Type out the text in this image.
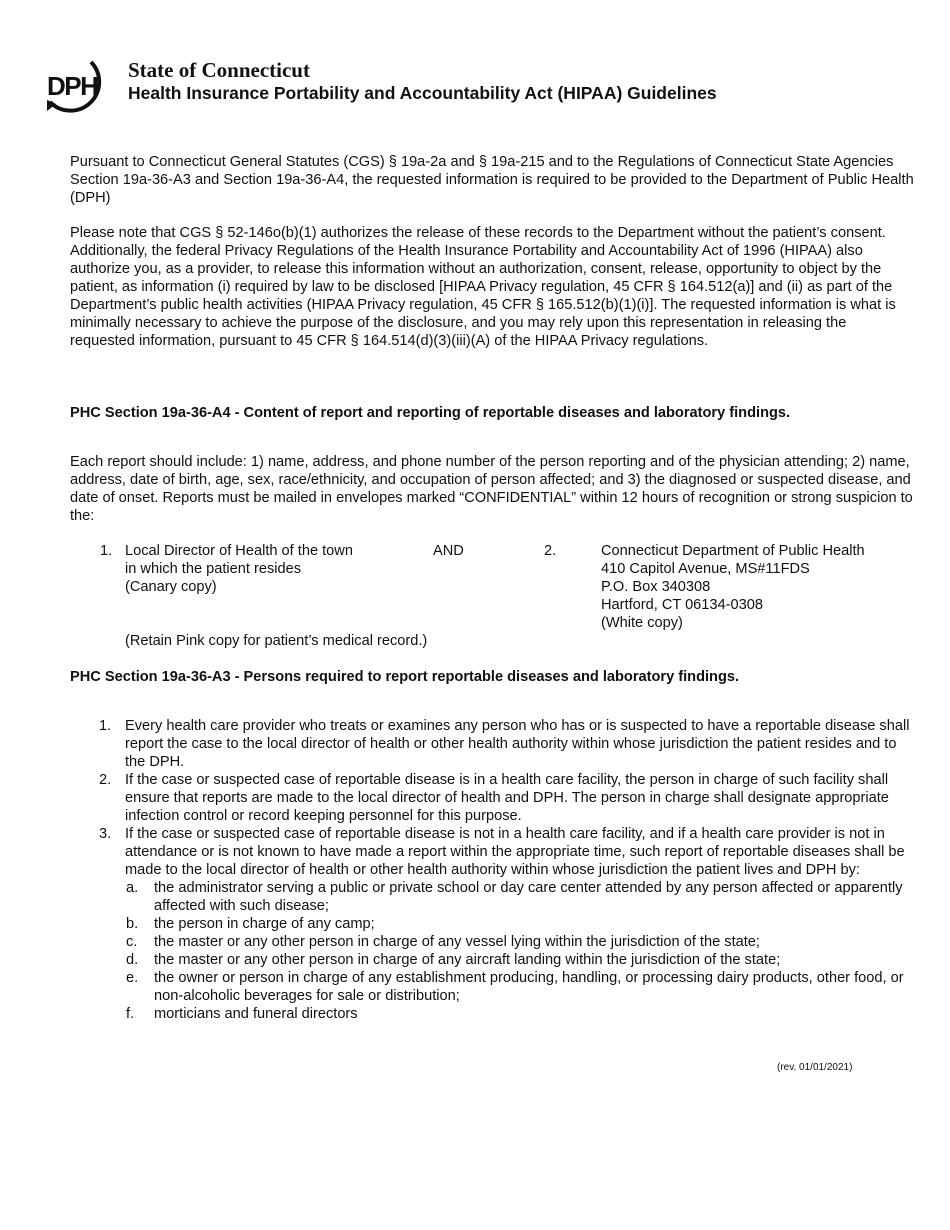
DPH
State of Connecticut
Health Insurance Portability and Accountability Act (HIPAA) Guidelines

Pursuant to Connecticut General Statutes (CGS) § 19a-2a and § 19a-215 and to the Regulations of Connecticut State Agencies Section 19a-36-A3 and Section 19a-36-A4, the requested information is required to be provided to the Department of Public Health (DPH)

Please note that CGS § 52-146o(b)(1) authorizes the release of these records to the Department without the patient’s consent. Additionally, the federal Privacy Regulations of the Health Insurance Portability and Accountability Act of 1996 (HIPAA) also authorize you, as a provider, to release this information without an authorization, consent, release, opportunity to object by the patient, as information (i) required by law to be disclosed [HIPAA Privacy regulation, 45 CFR § 164.512(a)] and (ii) as part of the Department’s public health activities (HIPAA Privacy regulation, 45 CFR § 165.512(b)(1)(i)]. The requested information is what is minimally necessary to achieve the purpose of the disclosure, and you may rely upon this representation in releasing the requested information, pursuant to 45 CFR § 164.514(d)(3)(iii)(A) of the HIPAA Privacy regulations.

PHC Section 19a-36-A4 - Content of report and reporting of reportable diseases and laboratory findings.

Each report should include: 1) name, address, and phone number of the person reporting and of the physician attending; 2) name, address, date of birth, age, sex, race/ethnicity, and occupation of person affected; and 3) the diagnosed or suspected disease, and date of onset. Reports must be mailed in envelopes marked “CONFIDENTIAL” within 12 hours of recognition or strong suspicion to the:

1. Local Director of Health of the town
in which the patient resides
(Canary copy)
AND	2.	Connecticut Department of Public Health
410 Capitol Avenue, MS#11FDS
P.O. Box 340308
Hartford, CT 06134-0308
(White copy)
(Retain Pink copy for patient’s medical record.)

PHC Section 19a-36-A3 - Persons required to report reportable diseases and laboratory findings.

1. Every health care provider who treats or examines any person who has or is suspected to have a reportable disease shall report the case to the local director of health or other health authority within whose jurisdiction the patient resides and to the DPH.
2. If the case or suspected case of reportable disease is in a health care facility, the person in charge of such facility shall ensure that reports are made to the local director of health and DPH. The person in charge shall designate appropriate infection control or record keeping personnel for this purpose.
3. If the case or suspected case of reportable disease is not in a health care facility, and if a health care provider is not in attendance or is not known to have made a report within the appropriate time, such report of reportable diseases shall be made to the local director of health or other health authority within whose jurisdiction the patient lives and DPH by:
a. the administrator serving a public or private school or day care center attended by any person affected or apparently affected with such disease;
b. the person in charge of any camp;
c. the master or any other person in charge of any vessel lying within the jurisdiction of the state;
d. the master or any other person in charge of any aircraft landing within the jurisdiction of the state;
e. the owner or person in charge of any establishment producing, handling, or processing dairy products, other food, or non-alcoholic beverages for sale or distribution;
f. morticians and funeral directors
(rev. 01/01/2021)
